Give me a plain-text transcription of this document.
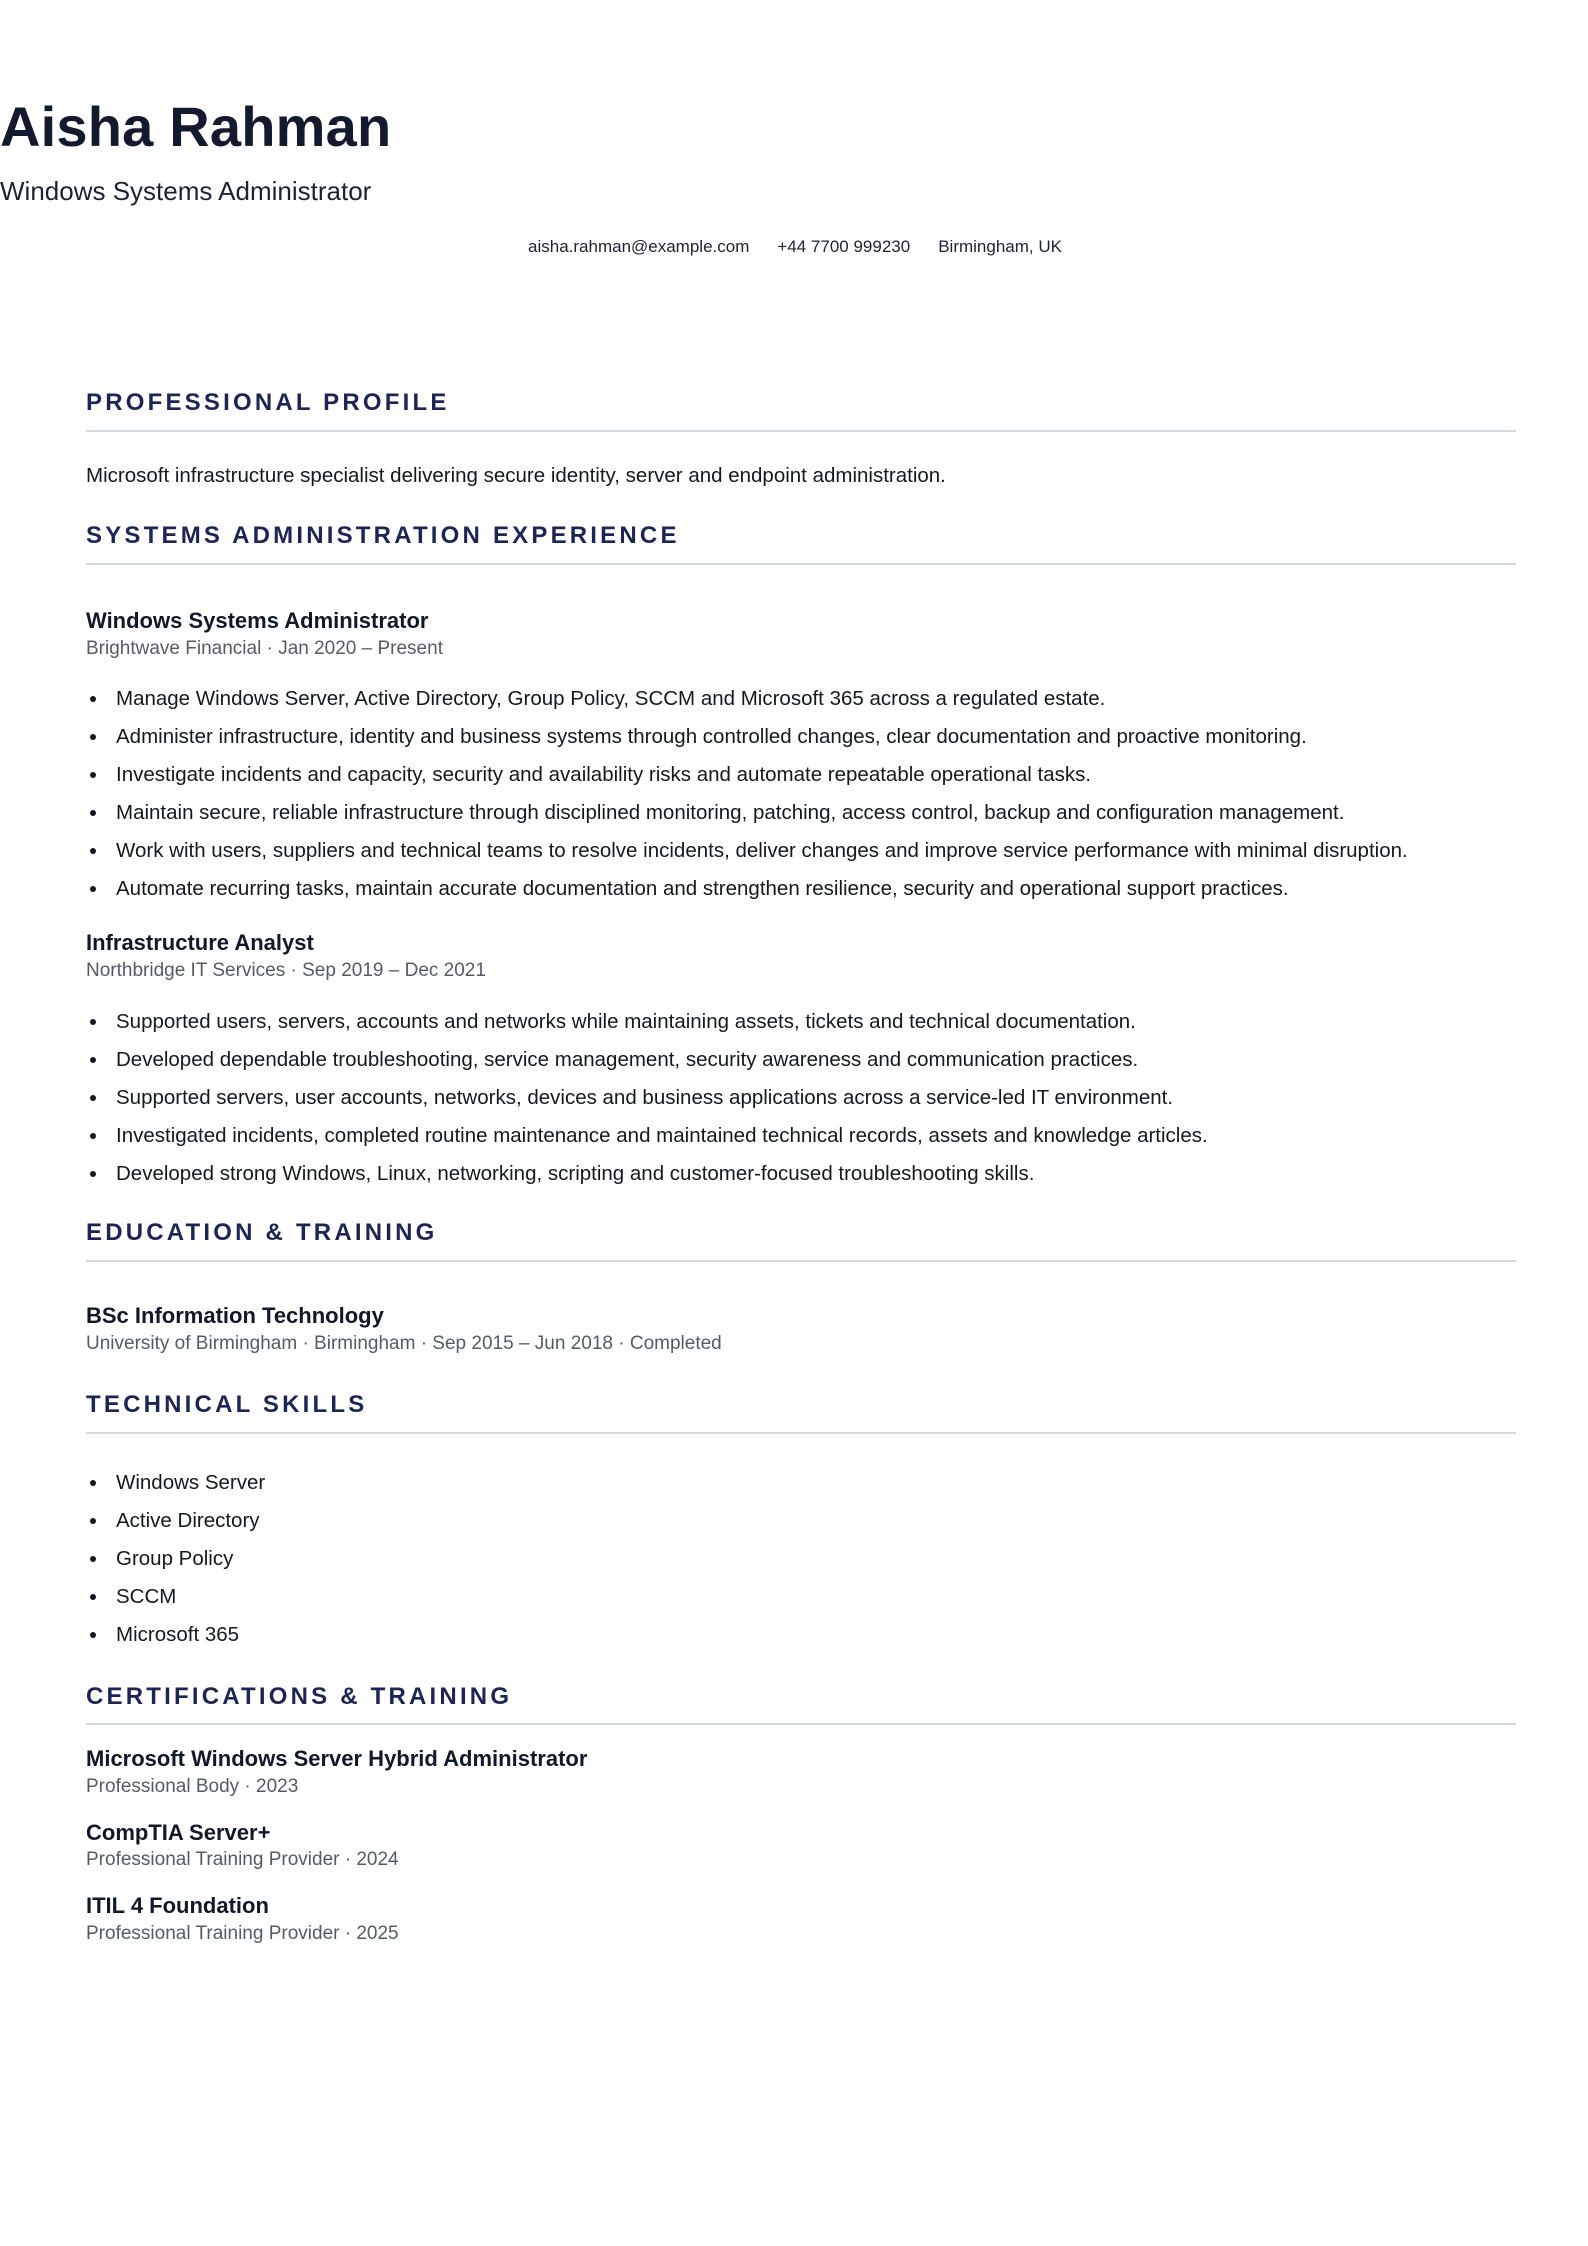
Aisha Rahman
Windows Systems Administrator
aisha.rahman@example.com +44 7700 999230 Birmingham, UK
PROFESSIONAL PROFILE

Microsoft infrastructure specialist delivering secure identity, server and endpoint administration.

SYSTEMS ADMINISTRATION EXPERIENCE
Windows Systems Administrator
Brightwave Financial · Jan 2020 – Present
Manage Windows Server, Active Directory, Group Policy, SCCM and Microsoft 365 across a regulated estate.
Administer infrastructure, identity and business systems through controlled changes, clear documentation and proactive monitoring.
Investigate incidents and capacity, security and availability risks and automate repeatable operational tasks.
Maintain secure, reliable infrastructure through disciplined monitoring, patching, access control, backup and configuration management.
Work with users, suppliers and technical teams to resolve incidents, deliver changes and improve service performance with minimal disruption.
Automate recurring tasks, maintain accurate documentation and strengthen resilience, security and operational support practices.
Infrastructure Analyst
Northbridge IT Services · Sep 2019 – Dec 2021
Supported users, servers, accounts and networks while maintaining assets, tickets and technical documentation.
Developed dependable troubleshooting, service management, security awareness and communication practices.
Supported servers, user accounts, networks, devices and business applications across a service-led IT environment.
Investigated incidents, completed routine maintenance and maintained technical records, assets and knowledge articles.
Developed strong Windows, Linux, networking, scripting and customer-focused troubleshooting skills.
EDUCATION & TRAINING
BSc Information Technology
University of Birmingham · Birmingham · Sep 2015 – Jun 2018 · Completed
TECHNICAL SKILLS
Windows Server
Active Directory
Group Policy
SCCM
Microsoft 365
CERTIFICATIONS & TRAINING
Microsoft Windows Server Hybrid Administrator
Professional Body · 2023
CompTIA Server+
Professional Training Provider · 2024
ITIL 4 Foundation
Professional Training Provider · 2025
